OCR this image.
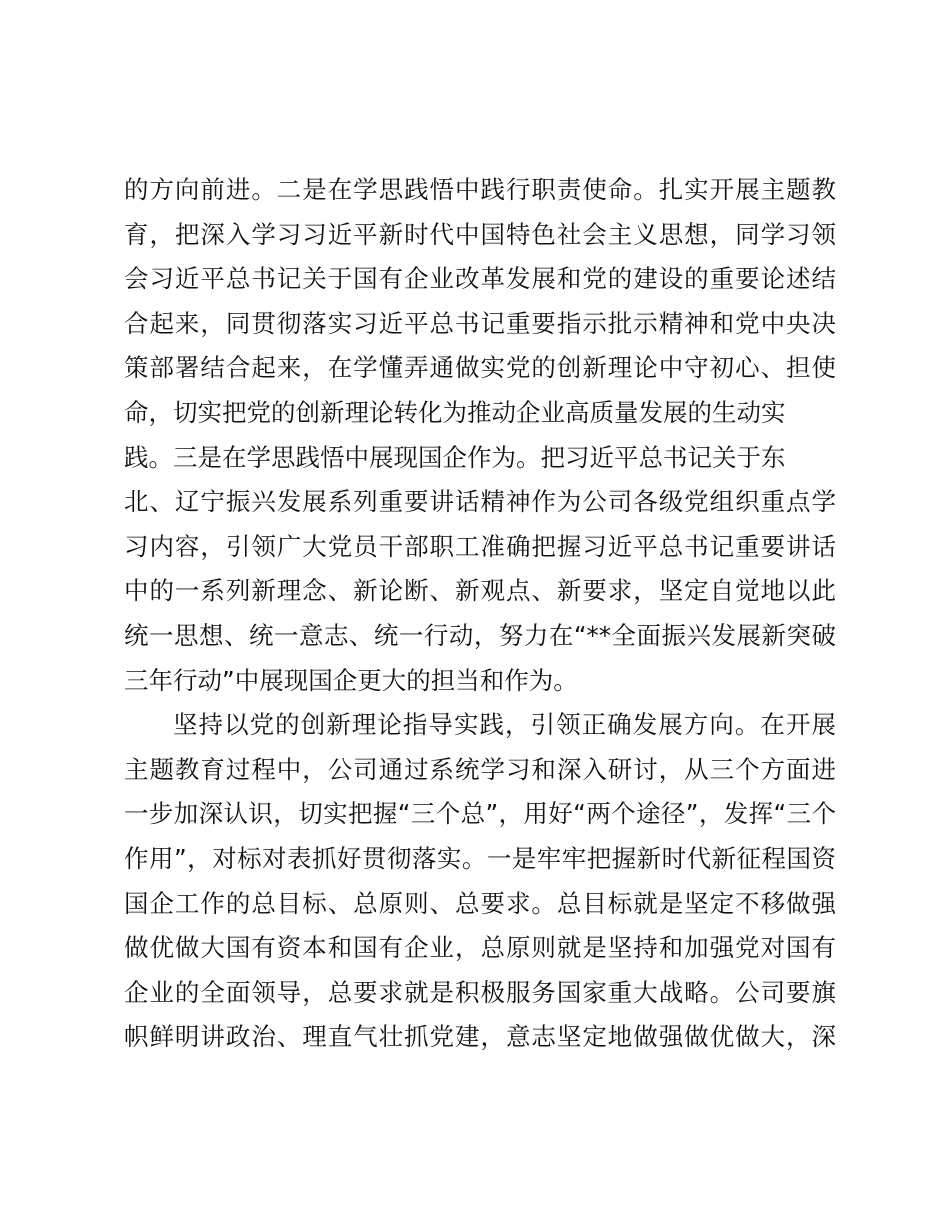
的方向前进。二是在学思践悟中践行职责使命。扎实开展主题教
育，把深入学习习近平新时代中国特色社会主义思想，同学习领
会习近平总书记关于国有企业改革发展和党的建设的重要论述结
合起来，同贯彻落实习近平总书记重要指示批示精神和党中央决
策部署结合起来，在学懂弄通做实党的创新理论中守初心、担使
命，切实把党的创新理论转化为推动企业高质量发展的生动实
践。三是在学思践悟中展现国企作为。把习近平总书记关于东
北、辽宁振兴发展系列重要讲话精神作为公司各级党组织重点学
习内容，引领广大党员干部职工准确把握习近平总书记重要讲话
中的一系列新理念、新论断、新观点、新要求，坚定自觉地以此
统一思想、统一意志、统一行动，努力在“**全面振兴发展新突破
三年行动”中展现国企更大的担当和作为。
坚持以党的创新理论指导实践，引领正确发展方向。在开展
主题教育过程中，公司通过系统学习和深入研讨，从三个方面进
一步加深认识，切实把握“三个总”，用好“两个途径”，发挥“三个
作用”，对标对表抓好贯彻落实。一是牢牢把握新时代新征程国资
国企工作的总目标、总原则、总要求。总目标就是坚定不移做强
做优做大国有资本和国有企业，总原则就是坚持和加强党对国有
企业的全面领导，总要求就是积极服务国家重大战略。公司要旗
帜鲜明讲政治、理直气壮抓党建，意志坚定地做强做优做大，深
